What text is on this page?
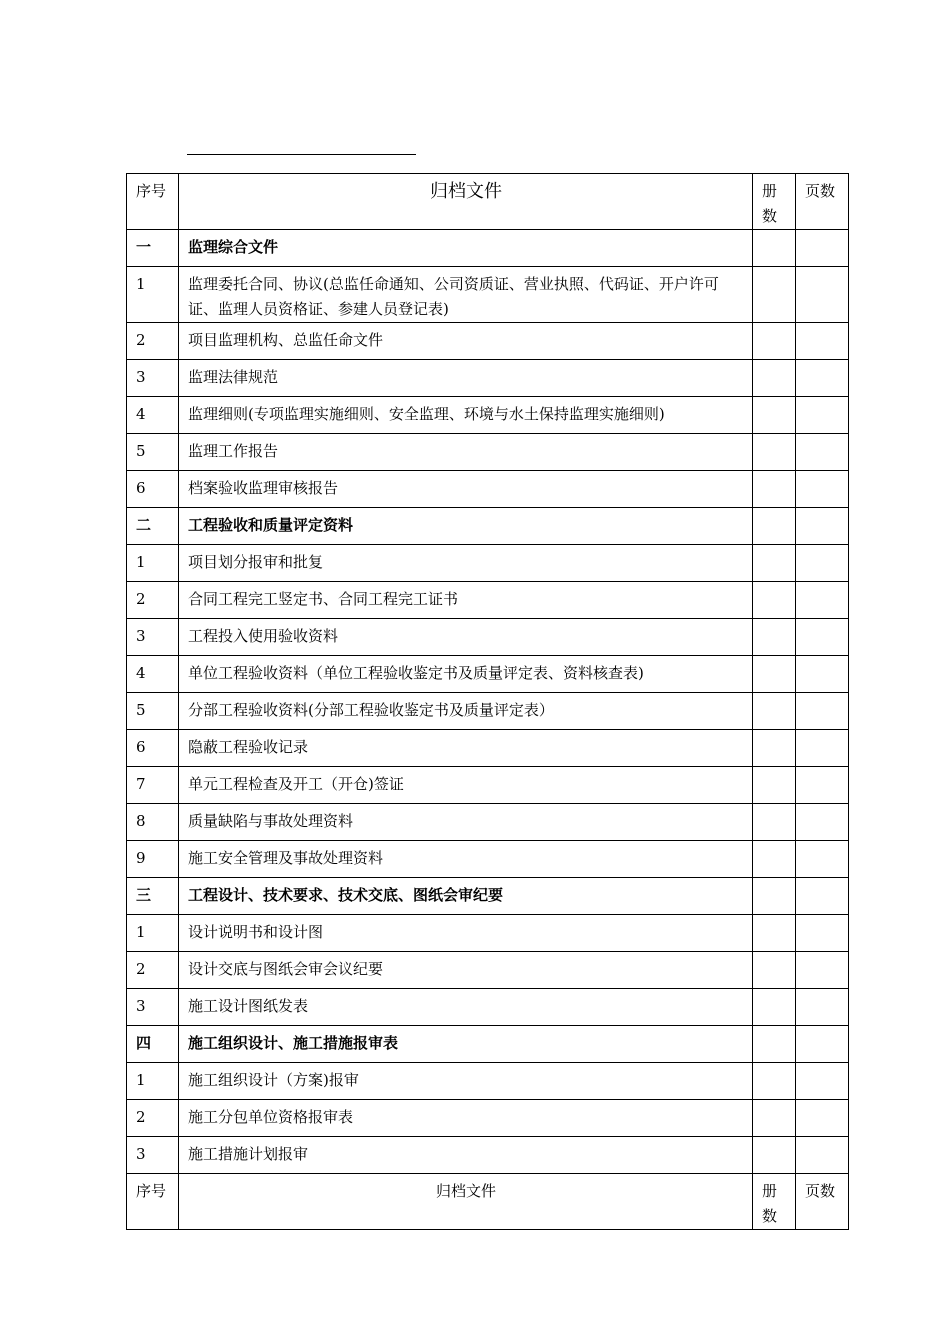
序号	归档文件	册数	页数
一	监理综合文件		
1	监理委托合同、协议(总监任命通知、公司资质证、营业执照、代码证、开户许可证、监理人员资格证、参建人员登记表)		
2	项目监理机构、总监任命文件		
3	监理法律规范		
4	监理细则(专项监理实施细则、安全监理、环境与水土保持监理实施细则)		
5	监理工作报告		
6	档案验收监理审核报告		
二	工程验收和质量评定资料		
1	项目划分报审和批复		
2	合同工程完工竖定书、合同工程完工证书		
3	工程投入使用验收资料		
4	单位工程验收资料（单位工程验收鉴定书及质量评定表、资料核查表)		
5	分部工程验收资料(分部工程验收鉴定书及质量评定表）		
6	隐蔽工程验收记录		
7	单元工程检查及开工（开仓)签证		
8	质量缺陷与事故处理资料		
9	施工安全管理及事故处理资料		
三	工程设计、技术要求、技术交底、图纸会审纪要		
1	设计说明书和设计图		
2	设计交底与图纸会审会议纪要		
3	施工设计图纸发表		
四	施工组织设计、施工措施报审表		
1	施工组织设计（方案)报审		
2	施工分包单位资格报审表		
3	施工措施计划报审		
序号	归档文件	册数	页数
